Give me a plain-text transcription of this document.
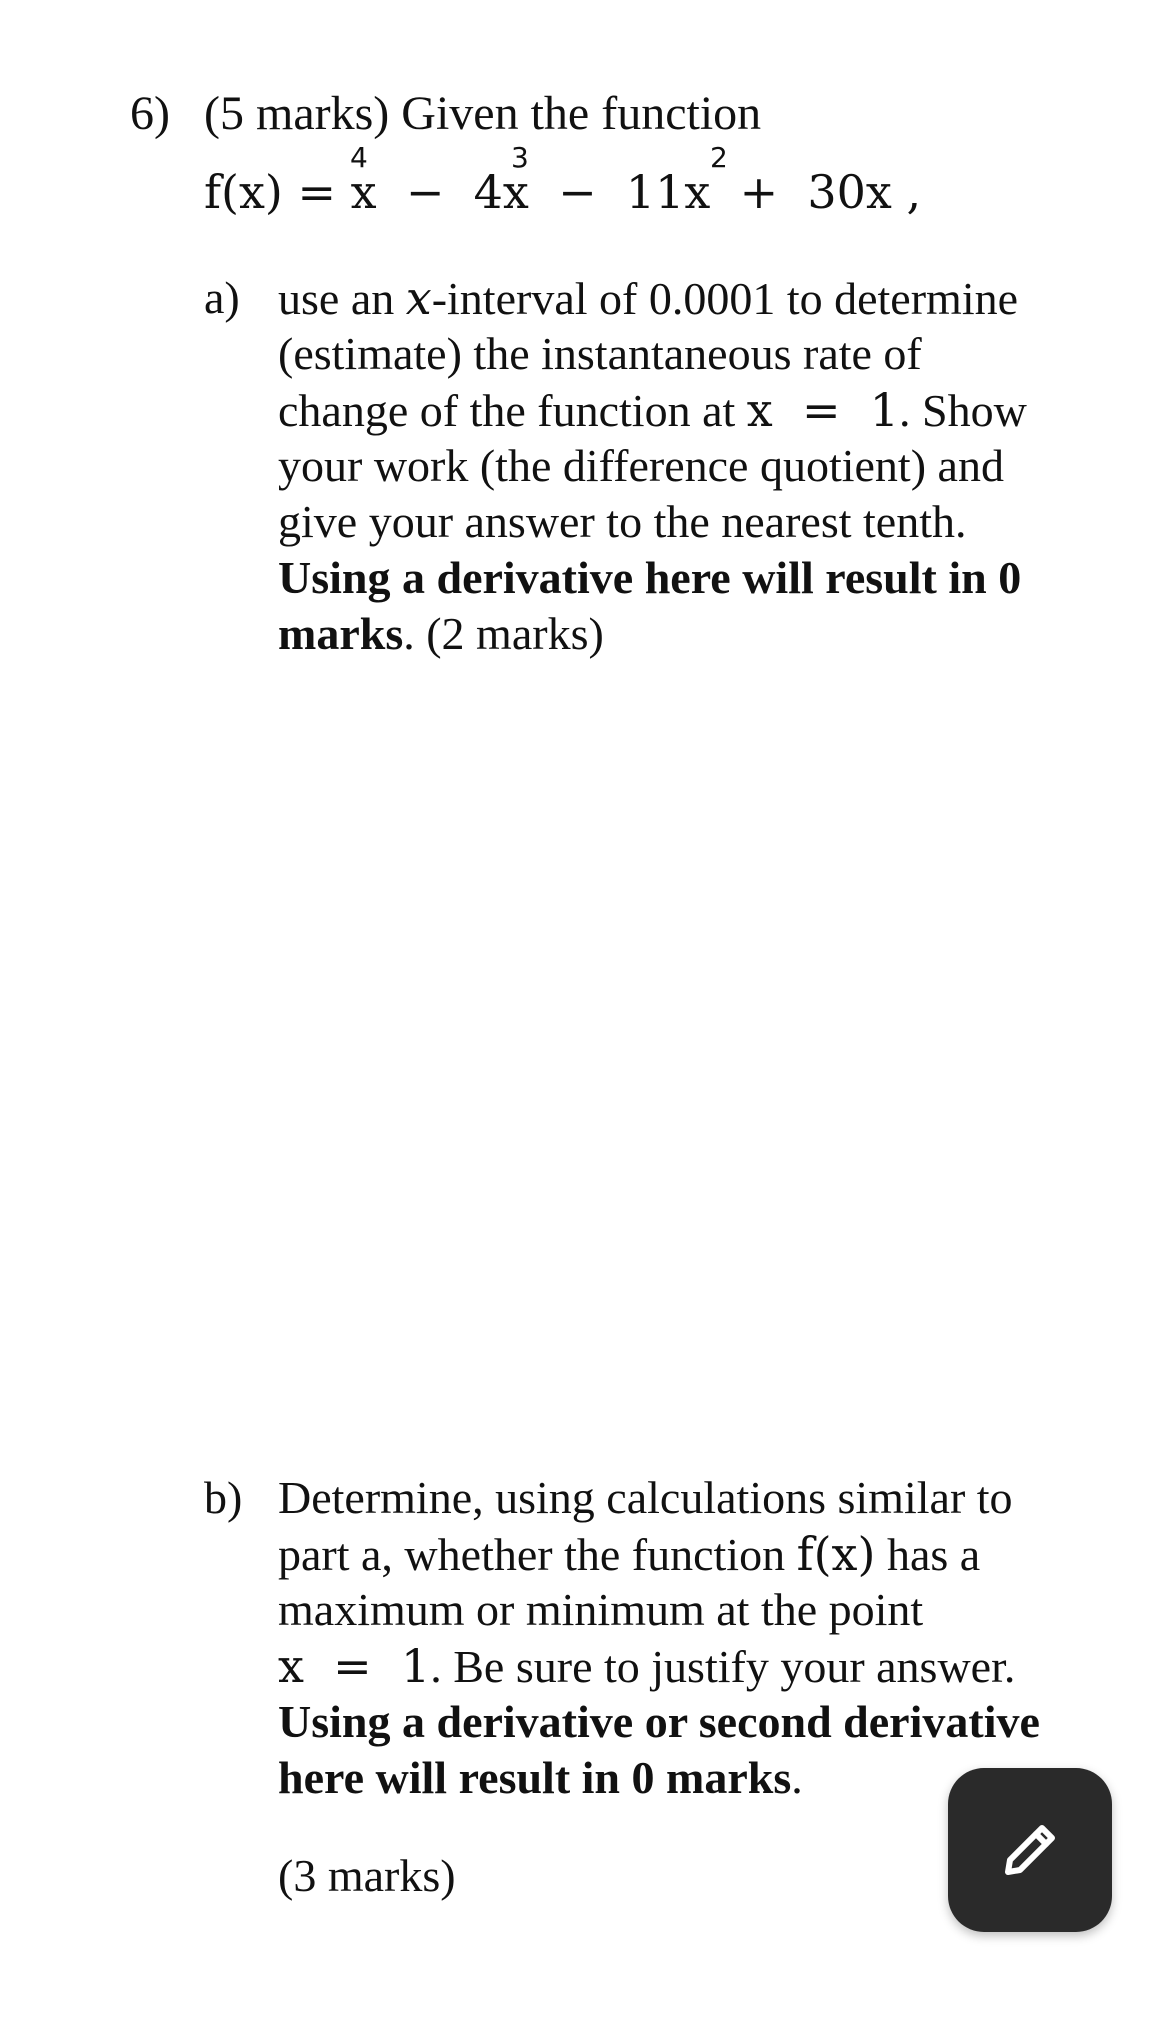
6) (5 marks) Given the function
f(x) = x  −  4x  −  11x  +  30x ,
4	3	2
a) use an x-interval of 0.0001 to determine
(estimate) the instantaneous rate of
change of the function at x  =  1. Show
your work (the difference quotient) and
give your answer to the nearest tenth.
Using a derivative here will result in 0
marks. (2 marks)
b) Determine, using calculations similar to
part a, whether the function f(x) has a
maximum or minimum at the point
x  =  1. Be sure to justify your answer.
Using a derivative or second derivative
here will result in 0 marks.
(3 marks)
